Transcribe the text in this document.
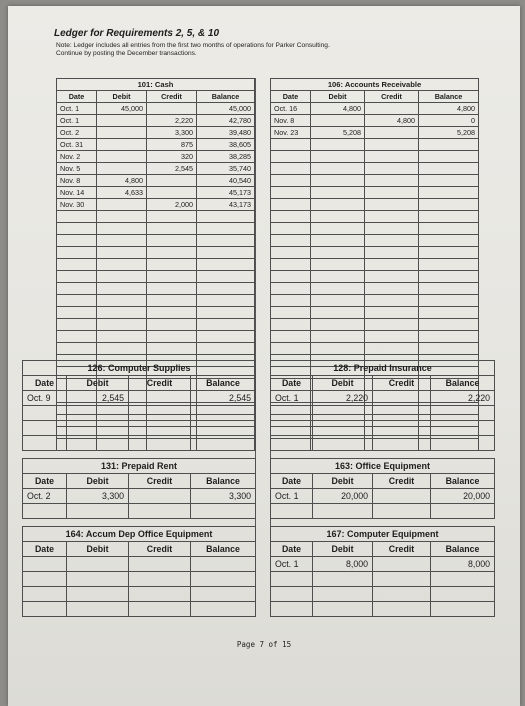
Ledger for Requirements 2, 5, & 10
Note: Ledger includes all entries from the first two months of operations for Parker Consulting.
Continue by posting the December transactions.
101: Cash			
Date	Debit	Credit	Balance
Oct. 1	45,000		45,000
Oct. 1		2,220	42,780
Oct. 2		3,300	39,480
Oct. 31		875	38,605
Nov. 2		320	38,285
Nov. 5		2,545	35,740
Nov. 8	4,800		40,540
Nov. 14	4,633		45,173
Nov. 30		2,000	43,173

106: Accounts Receivable			
Date	Debit	Credit	Balance
Oct. 16	4,800		4,800
Nov. 8		4,800	0
Nov. 23	5,208		5,208

126: Computer Supplies			
Date	Debit	Credit	Balance
Oct. 9	2,545		2,545

128: Prepaid Insurance			
Date	Debit	Credit	Balance
Oct. 1	2,220		2,220

131: Prepaid Rent			
Date	Debit	Credit	Balance
Oct. 2	3,300		3,300

163: Office Equipment			
Date	Debit	Credit	Balance
Oct. 1	20,000		20,000

164: Accum Dep Office Equipment			
Date	Debit	Credit	Balance

167: Computer Equipment			
Date	Debit	Credit	Balance
Oct. 1	8,000		8,000

Page 7 of 15
